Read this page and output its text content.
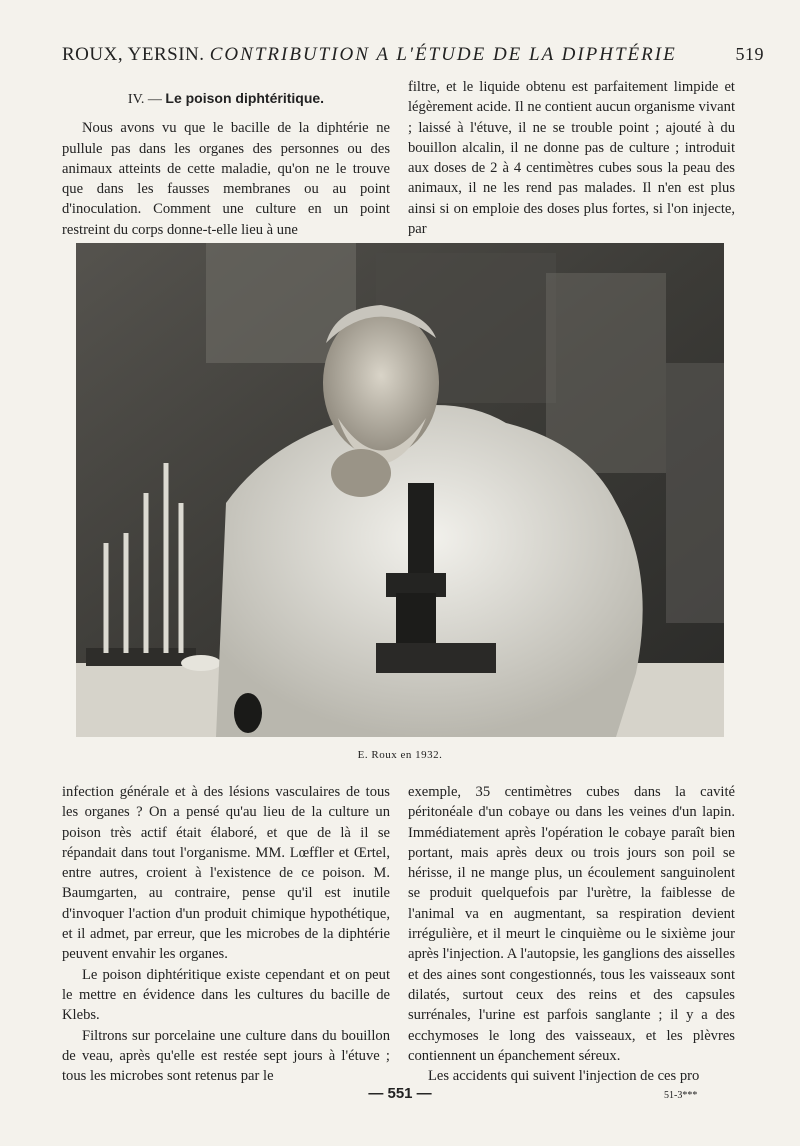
ROUX, YERSIN. CONTRIBUTION A L'ÉTUDE DE LA DIPHTÉRIE	519
IV. — Le poison diphtéritique.

Nous avons vu que le bacille de la diphtérie ne pullule pas dans les organes des personnes ou des animaux atteints de cette maladie, qu'on ne le trouve que dans les fausses membranes ou au point d'inoculation. Comment une culture en un point restreint du corps donne-t-elle lieu à une

filtre, et le liquide obtenu est parfaitement limpide et légèrement acide. Il ne contient aucun organisme vivant ; laissé à l'étuve, il ne se trouble point ; ajouté à du bouillon alcalin, il ne donne pas de culture ; introduit aux doses de 2 à 4 centimètres cubes sous la peau des animaux, il ne les rend pas malades. Il n'en est plus ainsi si on emploie des doses plus fortes, si l'on injecte, par

E. Roux en 1932.

infection générale et à des lésions vasculaires de tous les organes ? On a pensé qu'au lieu de la culture un poison très actif était élaboré, et que de là il se répandait dans tout l'organisme. MM. Lœffler et Œrtel, entre autres, croient à l'existence de ce poison. M. Baumgarten, au contraire, pense qu'il est inutile d'invoquer l'action d'un produit chimique hypothétique, et il admet, par erreur, que les microbes de la diphtérie peuvent envahir les organes.

Le poison diphtéritique existe cependant et on peut le mettre en évidence dans les cultures du bacille de Klebs.

Filtrons sur porcelaine une culture dans du bouillon de veau, après qu'elle est restée sept jours à l'étuve ; tous les microbes sont retenus par le

exemple, 35 centimètres cubes dans la cavité péritonéale d'un cobaye ou dans les veines d'un lapin. Immédiatement après l'opération le cobaye paraît bien portant, mais après deux ou trois jours son poil se hérisse, il ne mange plus, un écoulement sanguinolent se produit quelquefois par l'urètre, la faiblesse de l'animal va en augmentant, sa respiration devient irrégulière, et il meurt le cinquième ou le sixième jour après l'injection. A l'autopsie, les ganglions des aisselles et des aines sont congestionnés, tous les vaisseaux sont dilatés, surtout ceux des reins et des capsules surrénales, l'urine est parfois sanglante ; il y a des ecchymoses le long des vaisseaux, et les plèvres contiennent un épanchement séreux.

Les accidents qui suivent l'injection de ces pro

— 551 —	51-3***
